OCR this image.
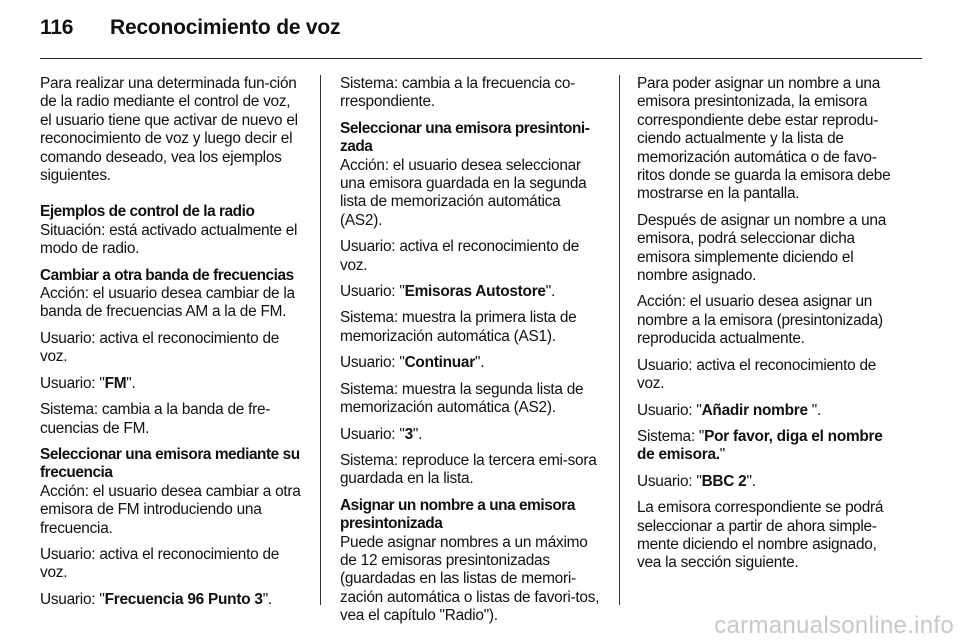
116 Reconocimiento de voz

Para realizar una determinada fun-ción de la radio mediante el control de voz, el usuario tiene que activar de nuevo el reconocimiento de voz y luego decir el comando deseado, vea los ejemplos siguientes.

Ejemplos de control de la radio

Situación: está activado actualmente el modo de radio.

Cambiar a otra banda de frecuencias

Acción: el usuario desea cambiar de la banda de frecuencias AM a la de FM.

Usuario: activa el reconocimiento de voz.

Usuario: "FM".

Sistema: cambia a la banda de fre-cuencias de FM.

Seleccionar una emisora mediante su frecuencia

Acción: el usuario desea cambiar a otra emisora de FM introduciendo una frecuencia.

Usuario: activa el reconocimiento de voz.

Usuario: "Frecuencia 96 Punto 3".

Sistema: cambia a la frecuencia co-rrespondiente.

Seleccionar una emisora presintoni-zada

Acción: el usuario desea seleccionar una emisora guardada en la segunda lista de memorización automática (AS2).

Usuario: activa el reconocimiento de voz.

Usuario: "Emisoras Autostore".

Sistema: muestra la primera lista de memorización automática (AS1).

Usuario: "Continuar".

Sistema: muestra la segunda lista de memorización automática (AS2).

Usuario: "3".

Sistema: reproduce la tercera emi-sora guardada en la lista.

Asignar un nombre a una emisora presintonizada

Puede asignar nombres a un máximo de 12 emisoras presintonizadas (guardadas en las listas de memori-zación automática o listas de favori-tos, vea el capítulo "Radio").

Para poder asignar un nombre a una emisora presintonizada, la emisora correspondiente debe estar reprodu-ciendo actualmente y la lista de memorización automática o de favo-ritos donde se guarda la emisora debe mostrarse en la pantalla.

Después de asignar un nombre a una emisora, podrá seleccionar dicha emisora simplemente diciendo el nombre asignado.

Acción: el usuario desea asignar un nombre a la emisora (presintonizada) reproducida actualmente.

Usuario: activa el reconocimiento de voz.

Usuario: "Añadir nombre ".

Sistema: "Por favor, diga el nombre de emisora."

Usuario: "BBC 2".

La emisora correspondiente se podrá seleccionar a partir de ahora simple-mente diciendo el nombre asignado, vea la sección siguiente.

carmanualsonline.info
